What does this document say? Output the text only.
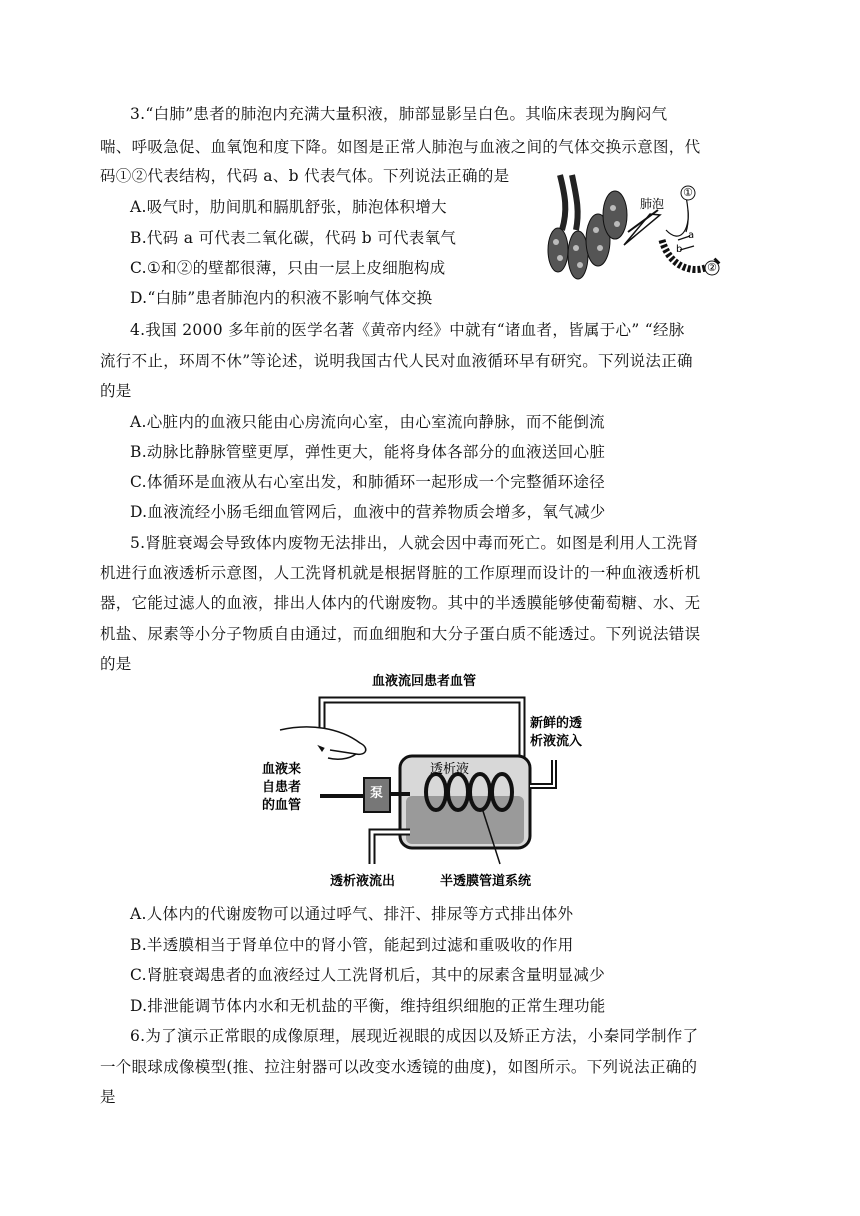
3.“白肺”患者的肺泡内充满大量积液，肺部显影呈白色。其临床表现为胸闷气
喘、呼吸急促、血氧饱和度下降。如图是正常人肺泡与血液之间的气体交换示意图，代
码①②代表结构，代码 a、b 代表气体。下列说法正确的是
A.吸气时，肋间肌和膈肌舒张，肺泡体积增大
B.代码 a 可代表二氧化碳，代码 b 可代表氧气
C.①和②的壁都很薄，只由一层上皮细胞构成
D.“白肺”患者肺泡内的积液不影响气体交换
肺泡
①
②
a
b
4.我国 2000 多年前的医学名著《黄帝内经》中就有“诸血者，皆属于心” “经脉
流行不止，环周不休”等论述，说明我国古代人民对血液循环早有研究。下列说法正确
的是
A.心脏内的血液只能由心房流向心室，由心室流向静脉，而不能倒流
B.动脉比静脉管壁更厚，弹性更大，能将身体各部分的血液送回心脏
C.体循环是血液从右心室出发，和肺循环一起形成一个完整循环途径
D.血液流经小肠毛细血管网后，血液中的营养物质会增多，氧气减少
5.肾脏衰竭会导致体内废物无法排出，人就会因中毒而死亡。如图是利用人工洗肾
机进行血液透析示意图，人工洗肾机就是根据肾脏的工作原理而设计的一种血液透析机
器，它能过滤人的血液，排出人体内的代谢废物。其中的半透膜能够使葡萄糖、水、无
机盐、尿素等小分子物质自由通过，而血细胞和大分子蛋白质不能透过。下列说法错误
的是
血液流回患者血管
新鲜的透
析液流入
血液来
自患者
的血管
泵
透析液
透析液流出	半透膜管道系统
A.人体内的代谢废物可以通过呼气、排汗、排尿等方式排出体外
B.半透膜相当于肾单位中的肾小管，能起到过滤和重吸收的作用
C.肾脏衰竭患者的血液经过人工洗肾机后，其中的尿素含量明显减少
D.排泄能调节体内水和无机盐的平衡，维持组织细胞的正常生理功能
6.为了演示正常眼的成像原理，展现近视眼的成因以及矫正方法，小秦同学制作了
一个眼球成像模型(推、拉注射器可以改变水透镜的曲度)，如图所示。下列说法正确的
是
